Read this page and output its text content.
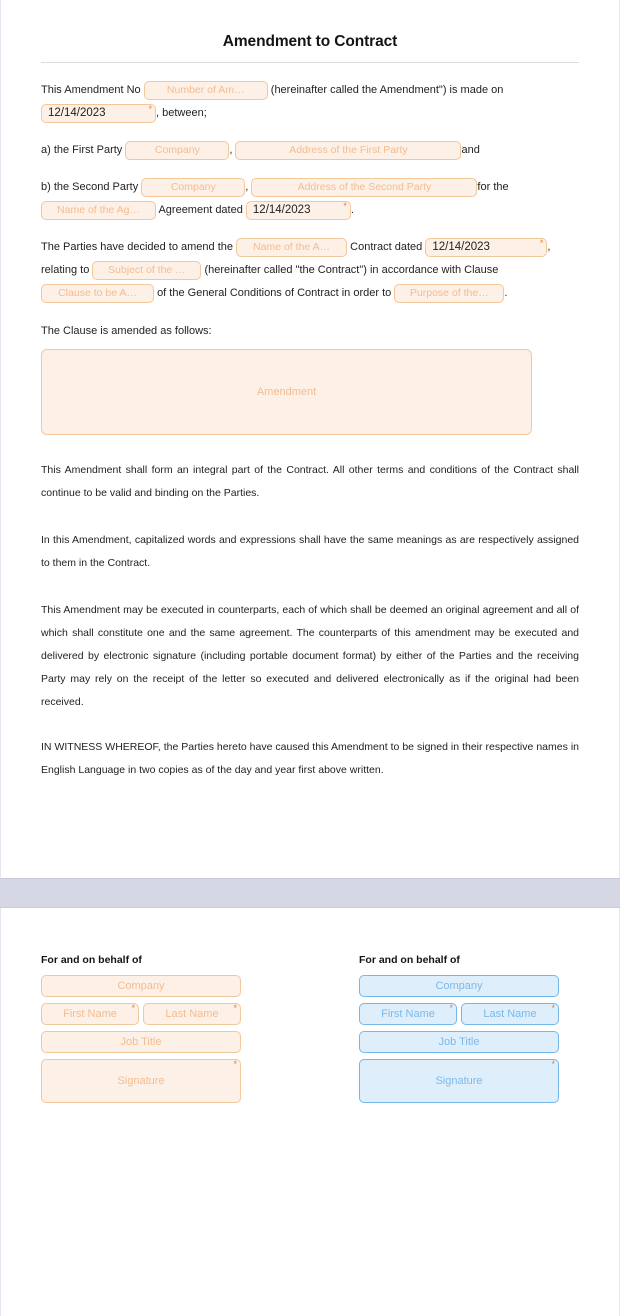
Amendment to Contract
This Amendment No	Number of Am… (hereinafter called the Amendment") is made on
12/14/2023 *	, between;
a) the First Party	Company	,	Address of the First Party	and
b) the Second Party	Company	,	Address of the Second Party	for the
Name of the Ag… Agreement dated 12/14/2023 *	.
The Parties have decided to amend the Name of the A… Contract dated 12/14/2023 *	,
relating to Subject of the … (hereinafter called "the Contract") in accordance with Clause
Clause to be A… of the General Conditions of Contract in order to Purpose of the… .
The Clause is amended as follows:
Amendment
This Amendment shall form an integral part of the Contract. All other terms and conditions of the Contract shall continue to be valid and binding on the Parties.
In this Amendment, capitalized words and expressions shall have the same meanings as are respectively assigned to them in the Contract.
This Amendment may be executed in counterparts, each of which shall be deemed an original agreement and all of which shall constitute one and the same agreement. The counterparts of this amendment may be executed and delivered by electronic signature (including portable document format) by either of the Parties and the receiving Party may rely on the receipt of the letter so executed and delivered electronically as if the original had been received.
IN WITNESS WHEREOF, the Parties hereto have caused this Amendment to be signed in their respective names in English Language in two copies as of the day and year first above written.
For and on behalf of
Company
First Name *	Last Name *
Job Title
Signature *
For and on behalf of
Company
First Name *	Last Name *
Job Title
Signature *
